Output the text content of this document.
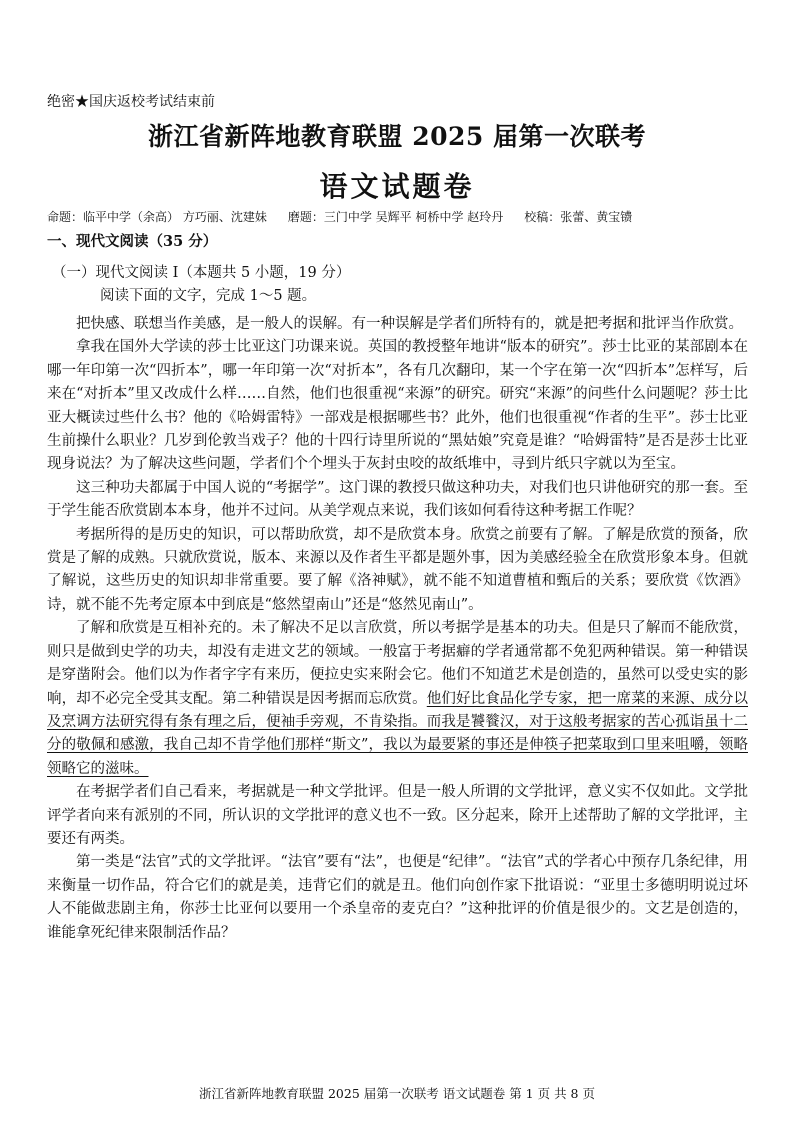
绝密★国庆返校考试结束前

浙江省新阵地教育联盟 2025 届第一次联考
语文试题卷
命题：临平中学（余高） 方巧丽、沈建妹 磨题：三门中学 吴辉平 柯桥中学 赵玲丹 校稿：张蕾、黄宝镄

一、现代文阅读（35 分）

（一）现代文阅读 I（本题共 5 小题，19 分）

阅读下面的文字，完成 1～5 题。

把快感、联想当作美感，是一般人的误解。有一种误解是学者们所特有的，就是把考据和批评当作欣赏。

拿我在国外大学读的莎士比亚这门功课来说。英国的教授整年地讲“版本的研究”。莎士比亚的某部剧本在哪一年印第一次“四折本”，哪一年印第一次“对折本”，各有几次翻印，某一个字在第一次“四折本”怎样写，后来在“对折本”里又改成什么样……自然，他们也很重视“来源”的研究。研究“来源”的问些什么问题呢？莎士比亚大概读过些什么书？他的《哈姆雷特》一部戏是根据哪些书？此外，他们也很重视“作者的生平”。莎士比亚生前操什么职业？几岁到伦敦当戏子？他的十四行诗里所说的“黑姑娘”究竟是谁？“哈姆雷特”是否是莎士比亚现身说法？为了解决这些问题，学者们个个埋头于灰封虫咬的故纸堆中，寻到片纸只字就以为至宝。

这三种功夫都属于中国人说的“考据学”。这门课的教授只做这种功夫，对我们也只讲他研究的那一套。至于学生能否欣赏剧本本身，他并不过问。从美学观点来说，我们该如何看待这种考据工作呢？

考据所得的是历史的知识，可以帮助欣赏，却不是欣赏本身。欣赏之前要有了解。了解是欣赏的预备，欣赏是了解的成熟。只就欣赏说，版本、来源以及作者生平都是题外事，因为美感经验全在欣赏形象本身。但就了解说，这些历史的知识却非常重要。要了解《洛神赋》，就不能不知道曹植和甄后的关系；要欣赏《饮酒》诗，就不能不先考定原本中到底是“悠然望南山”还是“悠然见南山”。

了解和欣赏是互相补充的。未了解决不足以言欣赏，所以考据学是基本的功夫。但是只了解而不能欣赏，则只是做到史学的功夫，却没有走进文艺的领域。一般富于考据癖的学者通常都不免犯两种错误。第一种错误是穿凿附会。他们以为作者字字有来历，便拉史实来附会它。他们不知道艺术是创造的，虽然可以受史实的影响，却不必完全受其支配。第二种错误是因考据而忘欣赏。他们好比食品化学专家，把一席菜的来源、成分以及烹调方法研究得有条有理之后，便袖手旁观，不肯染指。而我是饕餮汉，对于这般考据家的苦心孤诣虽十二分的敬佩和感激，我自己却不肯学他们那样“斯文”，我以为最要紧的事还是伸筷子把菜取到口里来咀嚼，领略领略它的滋味。

在考据学者们自己看来，考据就是一种文学批评。但是一般人所谓的文学批评，意义实不仅如此。文学批评学者向来有派别的不同，所认识的文学批评的意义也不一致。区分起来，除开上述帮助了解的文学批评，主要还有两类。

第一类是“法官”式的文学批评。“法官”要有“法”，也便是“纪律”。“法官”式的学者心中预存几条纪律，用来衡量一切作品，符合它们的就是美，违背它们的就是丑。他们向创作家下批语说：“亚里士多德明明说过坏人不能做悲剧主角，你莎士比亚何以要用一个杀皇帝的麦克白？”这种批评的价值是很少的。文艺是创造的，谁能拿死纪律来限制活作品？

浙江省新阵地教育联盟 2025 届第一次联考 语文试题卷 第 1 页 共 8 页
